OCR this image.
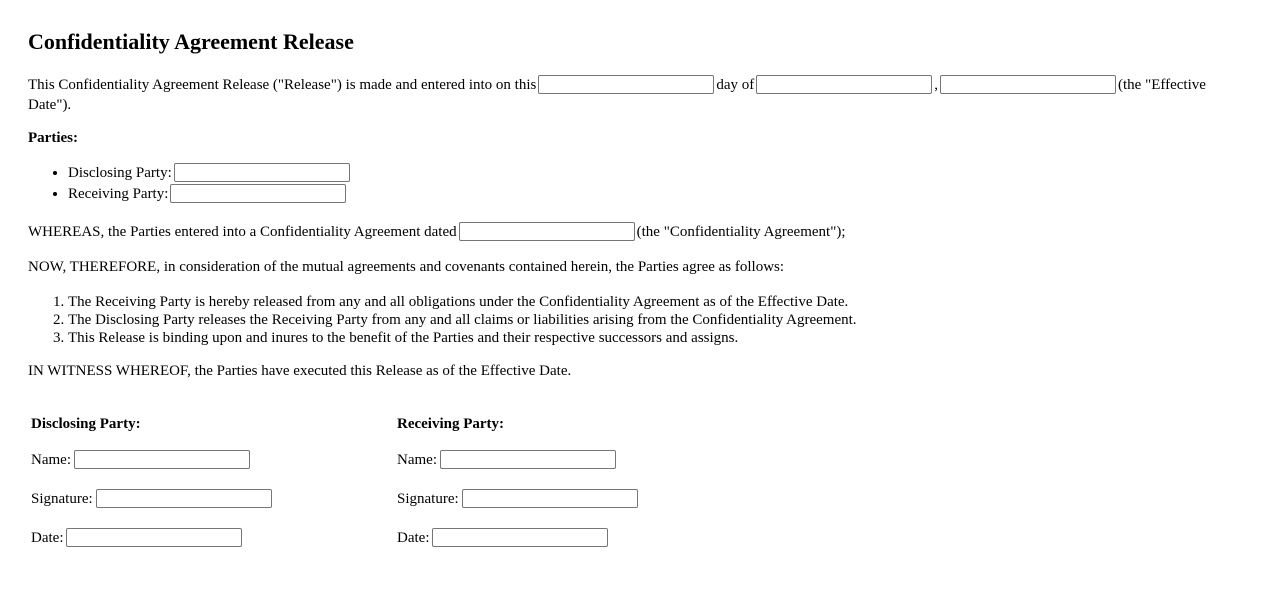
Confidentiality Agreement Release
This Confidentiality Agreement Release ("Release") is made and entered into on this	day of	,	(the "Effective Date").
Parties:
• Disclosing Party:
• Receiving Party:
WHEREAS, the Parties entered into a Confidentiality Agreement dated	(the "Confidentiality Agreement");
NOW, THEREFORE, in consideration of the mutual agreements and covenants contained herein, the Parties agree as follows:
1. The Receiving Party is hereby released from any and all obligations under the Confidentiality Agreement as of the Effective Date.
2. The Disclosing Party releases the Receiving Party from any and all claims or liabilities arising from the Confidentiality Agreement.
3. This Release is binding upon and inures to the benefit of the Parties and their respective successors and assigns.
IN WITNESS WHEREOF, the Parties have executed this Release as of the Effective Date.
Disclosing Party:
Name:
Signature:
Date:
Receiving Party:
Name:
Signature:
Date:
